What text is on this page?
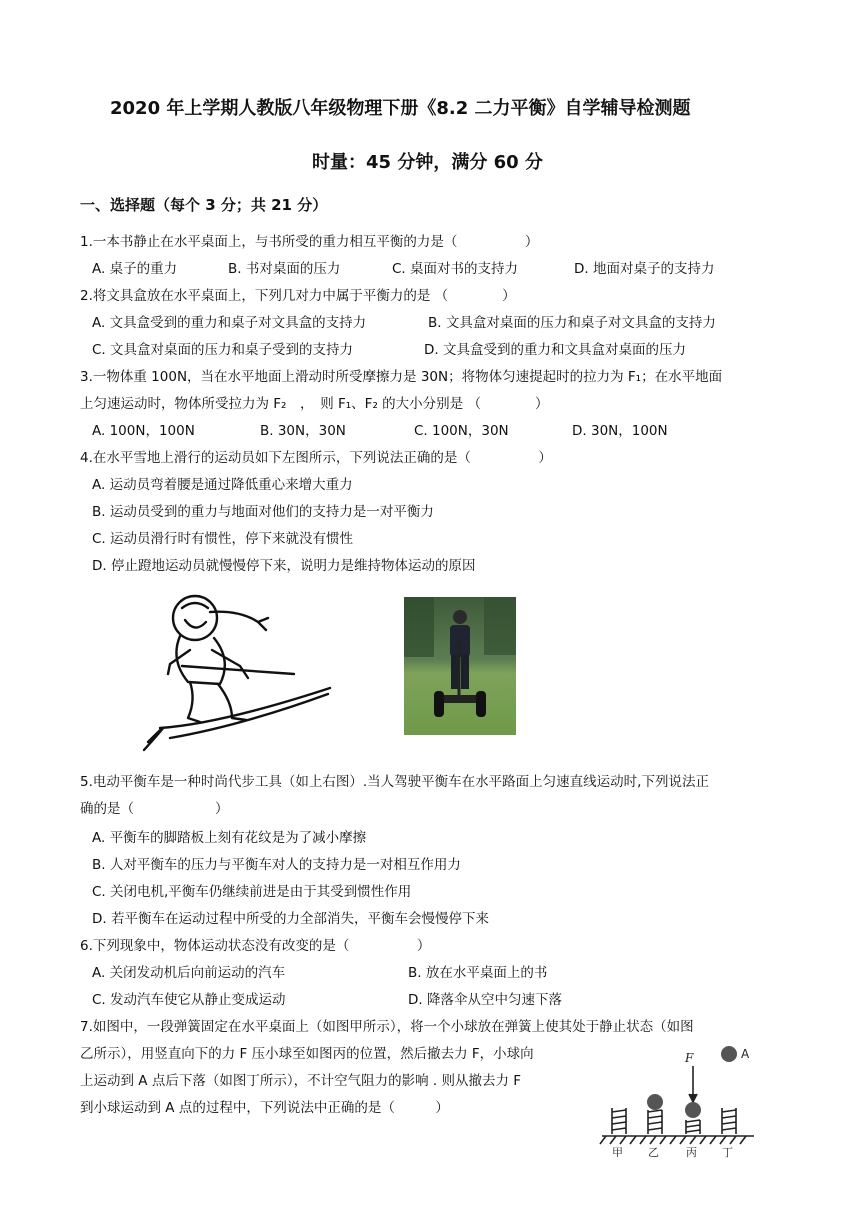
2020 年上学期人教版八年级物理下册《8.2 二力平衡》自学辅导检测题
时量：45 分钟，满分 60 分
一、选择题（每个 3 分；共 21 分）
1.一本书静止在水平桌面上，与书所受的重力相互平衡的力是（　　　　　）
A. 桌子的重力	B. 书对桌面的压力	C. 桌面对书的支持力	D. 地面对桌子的支持力
2.将文具盒放在水平桌面上，下列几对力中属于平衡力的是 （　　　　）
A. 文具盒受到的重力和桌子对文具盒的支持力	B. 文具盒对桌面的压力和桌子对文具盒的支持力
C. 文具盒对桌面的压力和桌子受到的支持力	D. 文具盒受到的重力和文具盒对桌面的压力
3.一物体重 100N，当在水平地面上滑动时所受摩擦力是 30N；将物体匀速提起时的拉力为 F₁；在水平地面
上匀速运动时，物体所受拉力为 F₂　，　则 F₁、F₂ 的大小分别是 （　　　　）
A. 100N，100N	B. 30N，30N	C. 100N，30N	D. 30N，100N
4.在水平雪地上滑行的运动员如下左图所示，下列说法正确的是（　　　　　）
A. 运动员弯着腰是通过降低重心来增大重力
B. 运动员受到的重力与地面对他们的支持力是一对平衡力
C. 运动员滑行时有惯性，停下来就没有惯性
D. 停止蹬地运动员就慢慢停下来，说明力是维持物体运动的原因
5.电动平衡车是一种时尚代步工具（如上右图）.当人驾驶平衡车在水平路面上匀速直线运动时,下列说法正
确的是（　　　　　　）
A. 平衡车的脚踏板上刻有花纹是为了减小摩擦
B. 人对平衡车的压力与平衡车对人的支持力是一对相互作用力
C. 关闭电机,平衡车仍继续前进是由于其受到惯性作用
D. 若平衡车在运动过程中所受的力全部消失，平衡车会慢慢停下来
6.下列现象中，物体运动状态没有改变的是（　　　　　）
A. 关闭发动机后向前运动的汽车	B. 放在水平桌面上的书
C. 发动汽车使它从静止变成运动	D. 降落伞从空中匀速下落
7.如图中，一段弹簧固定在水平桌面上（如图甲所示），将一个小球放在弹簧上使其处于静止状态（如图
乙所示），用竖直向下的力 F 压小球至如图丙的位置，然后撤去力 F，小球向
上运动到 A 点后下落（如图丁所示），不计空气阻力的影响 . 则从撤去力 F
到小球运动到 A 点的过程中，下列说法中正确的是（　　　）
F	A
甲 乙 丙 丁
